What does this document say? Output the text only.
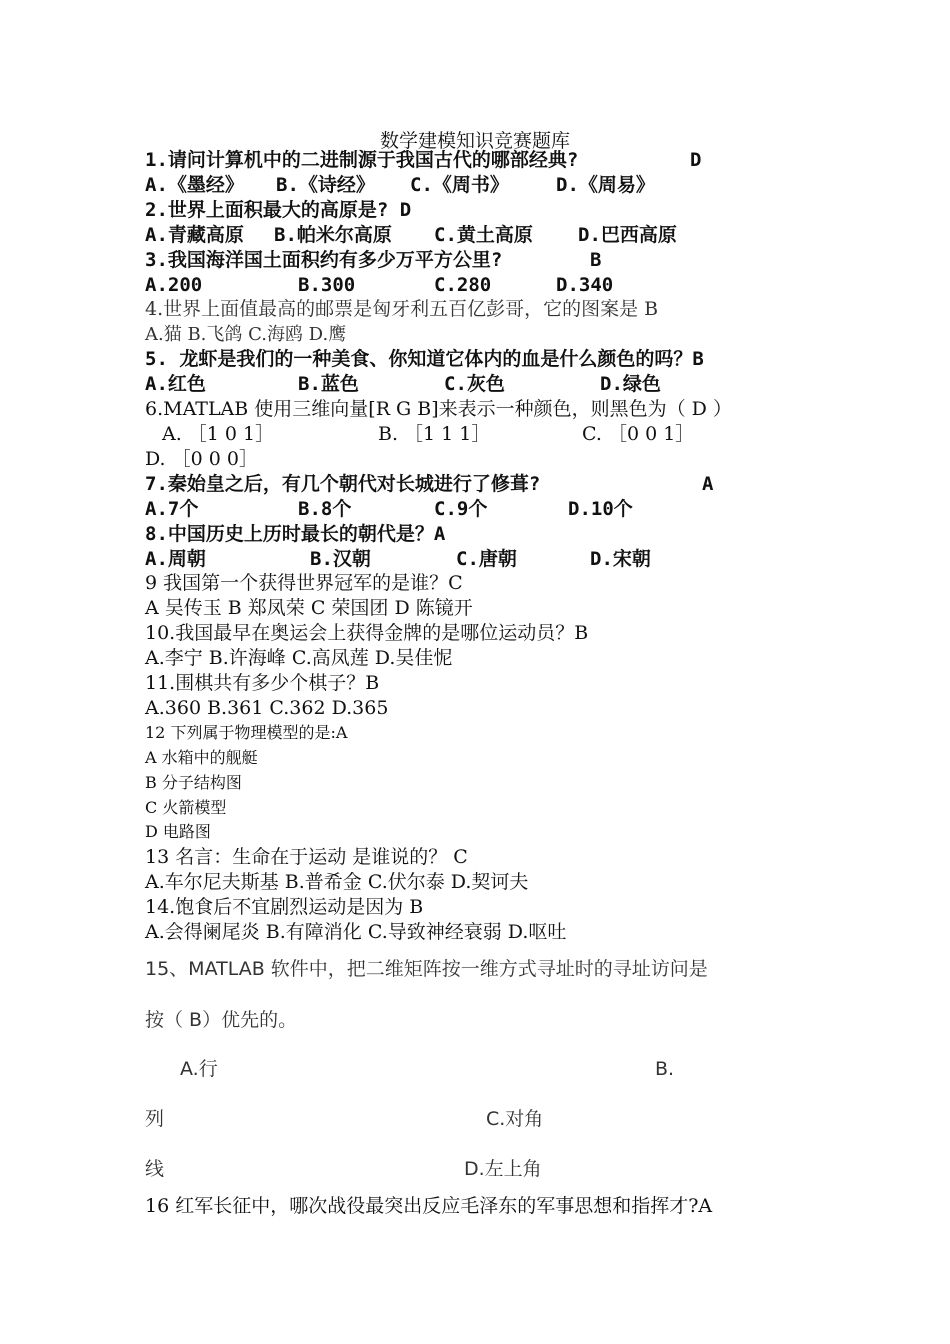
数学建模知识竞赛题库
1.请问计算机中的二进制源于我国古代的哪部经典?	D
A.《墨经》 B.《诗经》 C.《周书》 D.《周易》
2.世界上面积最大的高原是? D
A.青藏高原 B.帕米尔高原 C.黄土高原 D.巴西高原
3.我国海洋国土面积约有多少万平方公里?	B
A.200	B.300	C.280	D.340
4.世界上面值最高的邮票是匈牙利五百亿彭哥，它的图案是 B
A.猫 B.飞鸽 C.海鸥 D.鹰
5. 龙虾是我们的一种美食、你知道它体内的血是什么颜色的吗？B
A.红色	B.蓝色	C.灰色	D.绿色
6.MATLAB 使用三维向量[R G B]来表示一种颜色，则黑色为（ D ）
A. ［1 0 1］	B. ［1 1 1］	C. ［0 0 1］
D. ［0 0 0］
7.秦始皇之后，有几个朝代对长城进行了修葺?	A
A.7个	B.8个	C.9个	D.10个
8.中国历史上历时最长的朝代是？A
A.周朝	B.汉朝	C.唐朝	D.宋朝
9 我国第一个获得世界冠军的是谁？C
A 吴传玉 B 郑凤荣 C 荣国团 D 陈镜开
10.我国最早在奥运会上获得金牌的是哪位运动员？B
A.李宁 B.许海峰 C.高凤莲 D.吴佳怩
11.围棋共有多少个棋子？B
A.360 B.361 C.362 D.365
12 下列属于物理模型的是:A
A 水箱中的舰艇
B 分子结构图
C 火箭模型
D 电路图
13 名言：生命在于运动 是谁说的？ C
A.车尔尼夫斯基 B.普希金 C.伏尔泰 D.契诃夫
14.饱食后不宜剧烈运动是因为 B
A.会得阑尾炎 B.有障消化 C.导致神经衰弱 D.呕吐
15、MATLAB 软件中，把二维矩阵按一维方式寻址时的寻址访问是
按（ B）优先的。
A.行	B.
列	C.对角
线	D.左上角
16 红军长征中，哪次战役最突出反应毛泽东的军事思想和指挥才?A
